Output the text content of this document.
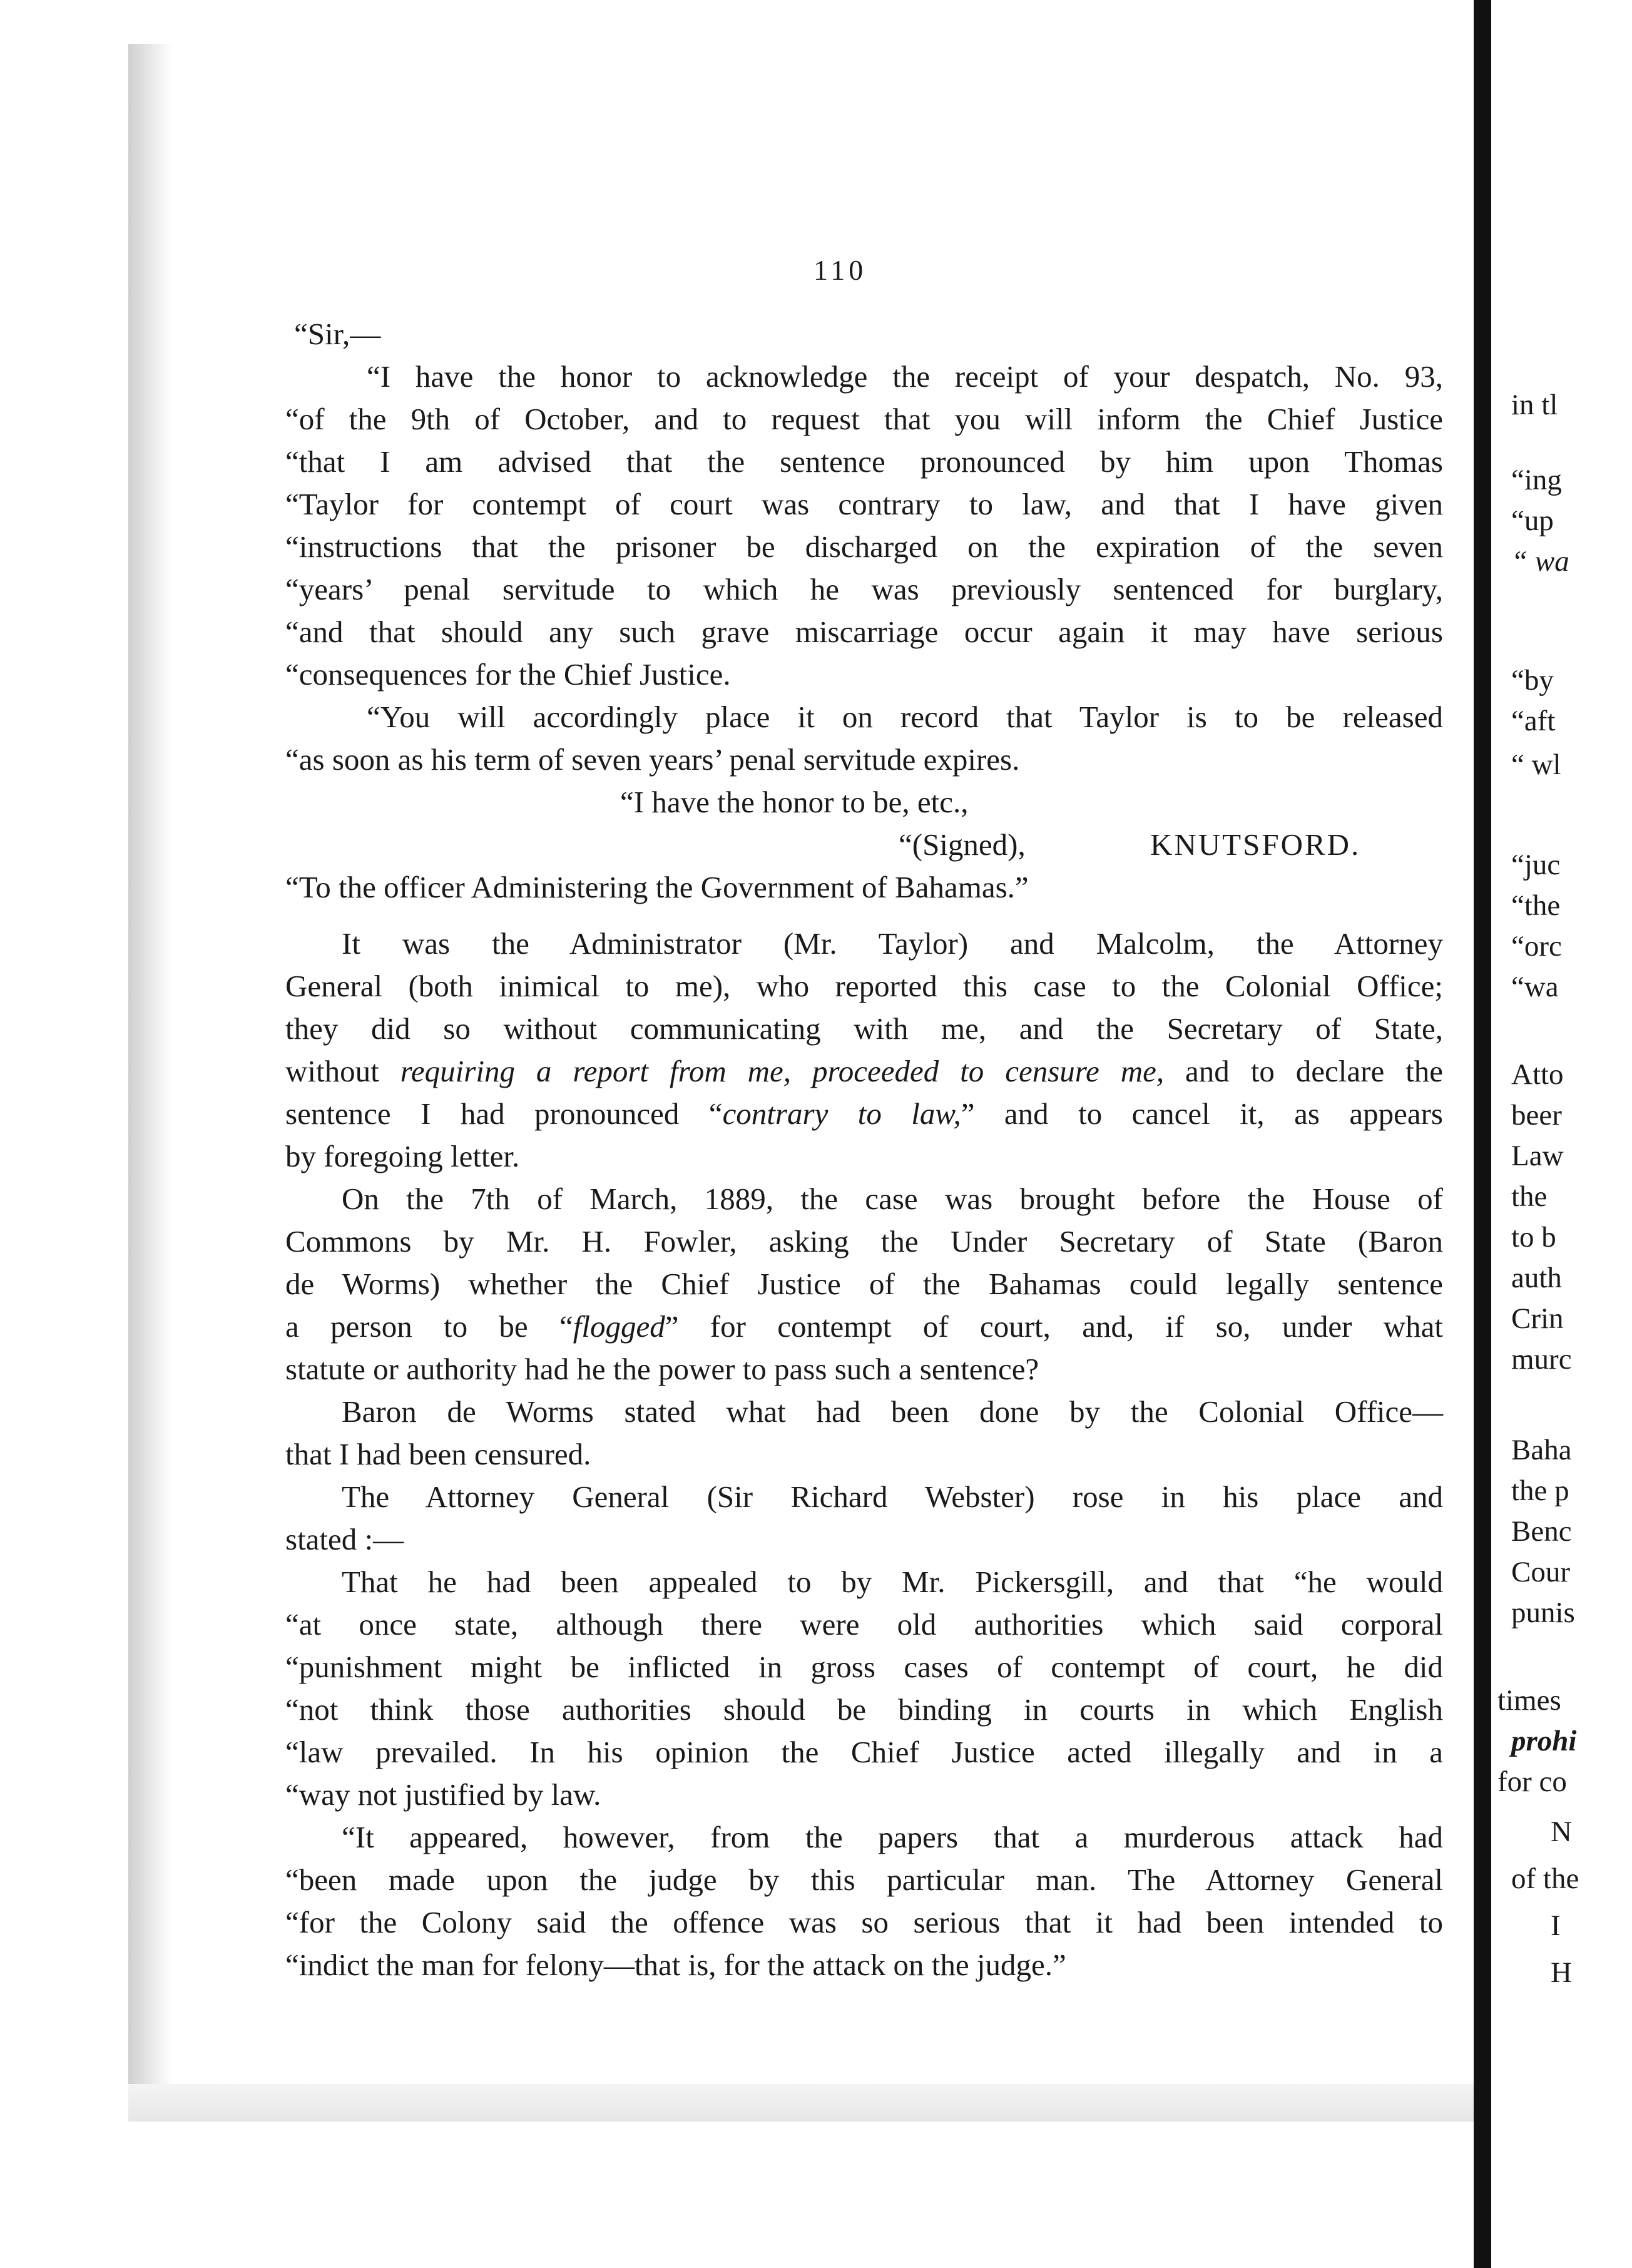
110
“Sir,—
“I have the honor to acknowledge the receipt of your despatch, No. 93,
“of the 9th of October, and to request that you will inform the Chief Justice
“that I am advised that the sentence pronounced by him upon Thomas
“Taylor for contempt of court was contrary to law, and that I have given
“instructions that the prisoner be discharged on the expiration of the seven
“years’ penal servitude to which he was previously sentenced for burglary,
“and that should any such grave miscarriage occur again it may have serious
“consequences for the Chief Justice.
“You will accordingly place it on record that Taylor is to be released
“as soon as his term of seven years’ penal servitude expires.
“I have the honor to be, etc.,
“(Signed),	KNUTSFORD.
“To the officer Administering the Government of Bahamas.”
It was the Administrator (Mr. Taylor) and Malcolm, the Attorney
General (both inimical to me), who reported this case to the Colonial Office;
they did so without communicating with me, and the Secretary of State,
without requiring a report from me, proceeded to censure me, and to declare the
sentence I had pronounced “contrary to law,” and to cancel it, as appears
by foregoing letter.
On the 7th of March, 1889, the case was brought before the House of
Commons by Mr. H. Fowler, asking the Under Secretary of State (Baron
de Worms) whether the Chief Justice of the Bahamas could legally sentence
a person to be “flogged” for contempt of court, and, if so, under what
statute or authority had he the power to pass such a sentence?
Baron de Worms stated what had been done by the Colonial Office—
that I had been censured.
The Attorney General (Sir Richard Webster) rose in his place and
stated :—
That he had been appealed to by Mr. Pickersgill, and that “he would
“at once state, although there were old authorities which said corporal
“punishment might be inflicted in gross cases of contempt of court, he did
“not think those authorities should be binding in courts in which English
“law prevailed. In his opinion the Chief Justice acted illegally and in a
“way not justified by law.
“It appeared, however, from the papers that a murderous attack had
“been made upon the judge by this particular man. The Attorney General
“for the Colony said the offence was so serious that it had been intended to
“indict the man for felony—that is, for the attack on the judge.”
in tl
“ing
“up
“ wa
“by
“aft
“ wl
“juc
“the
“orc
“wa
Atto
beer
Law
the
to b
auth
Crin
murc
Baha
the p
Benc
Cour
punis
times
prohi
for co
N
of the
I
H
